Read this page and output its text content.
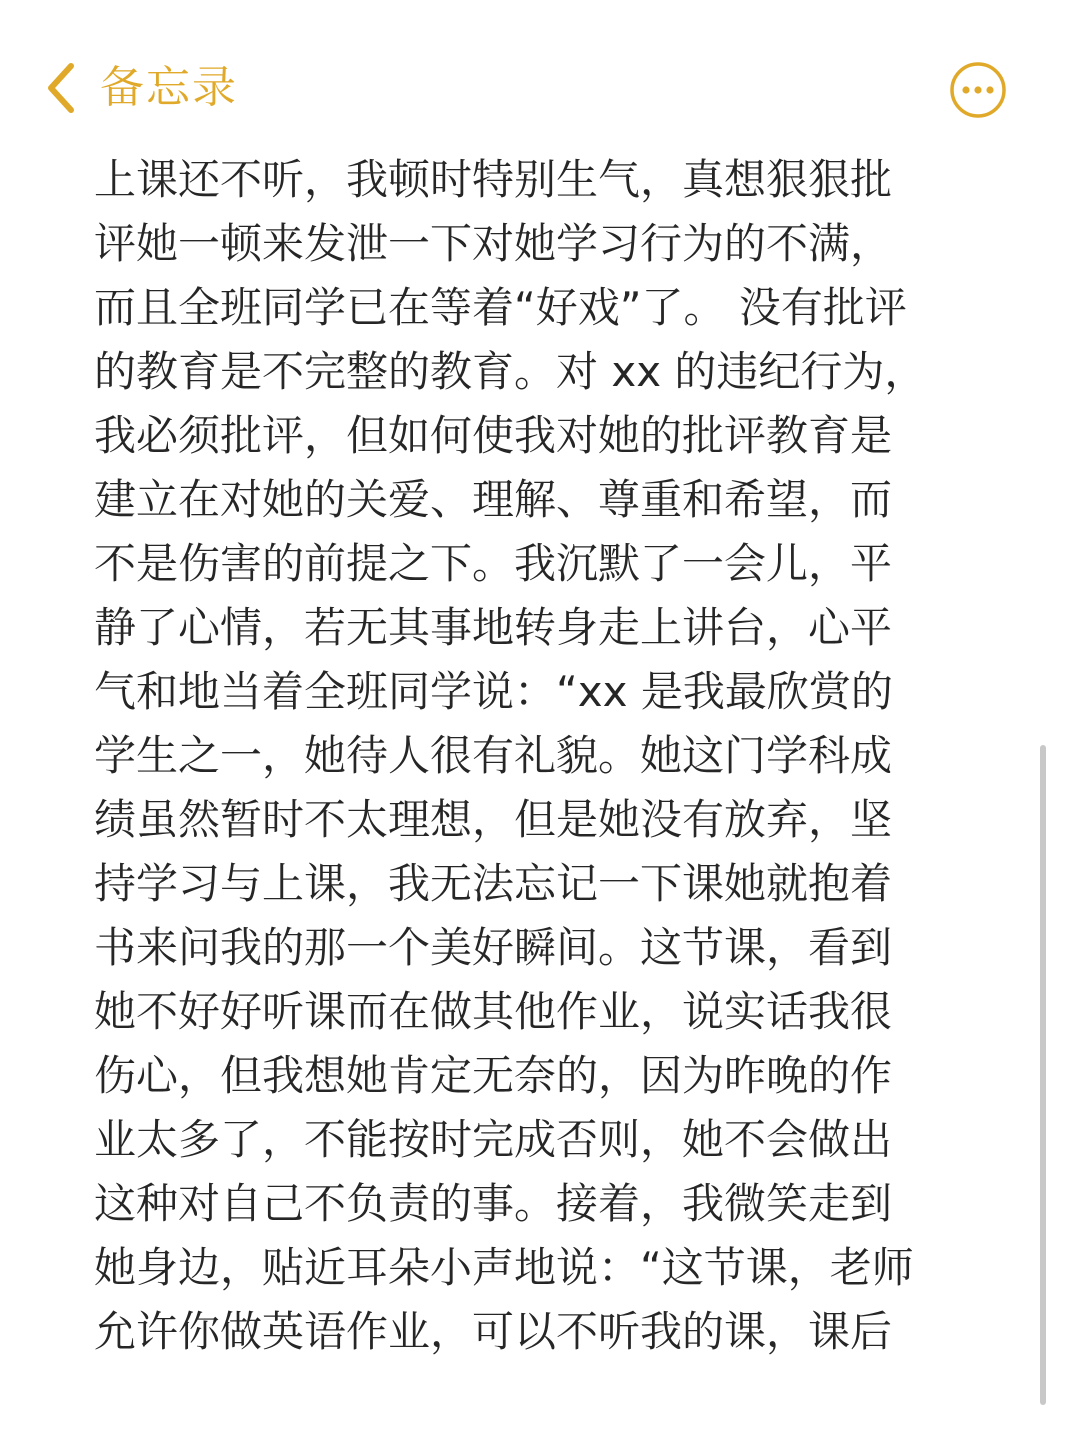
备忘录
上课还不听，我顿时特别生气，真想狠狠批
评她一顿来发泄一下对她学习行为的不满，
而且全班同学已在等着“好戏”了。 没有批评
的教育是不完整的教育。对 xx 的违纪行为，
我必须批评，但如何使我对她的批评教育是
建立在对她的关爱、理解、尊重和希望，而
不是伤害的前提之下。我沉默了一会儿，平
静了心情，若无其事地转身走上讲台，心平
气和地当着全班同学说：“xx 是我最欣赏的
学生之一，她待人很有礼貌。她这门学科成
绩虽然暂时不太理想，但是她没有放弃，坚
持学习与上课，我无法忘记一下课她就抱着
书来问我的那一个美好瞬间。这节课，看到
她不好好听课而在做其他作业，说实话我很
伤心，但我想她肯定无奈的，因为昨晚的作
业太多了，不能按时完成否则，她不会做出
这种对自己不负责的事。接着，我微笑走到
她身边，贴近耳朵小声地说：“这节课，老师
允许你做英语作业，可以不听我的课，课后
